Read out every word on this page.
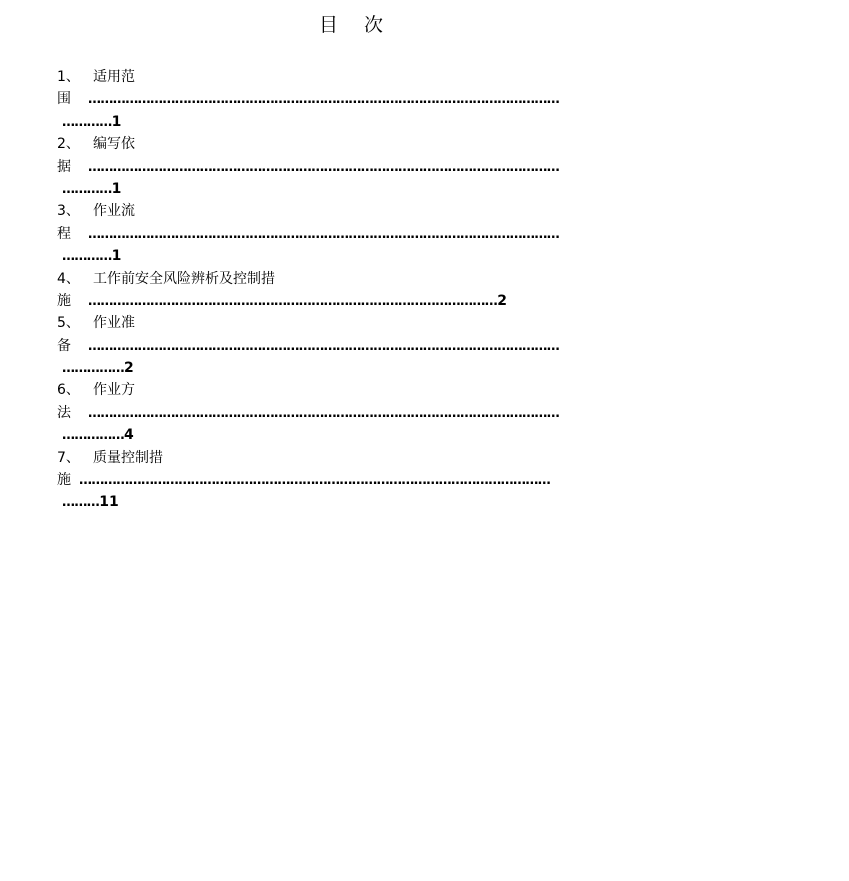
目 次
1、 适用范
围 ……………………………………………………………………………………………………
…………1
2、 编写依
据 ……………………………………………………………………………………………………
…………1
3、 作业流
程 ……………………………………………………………………………………………………
…………1
4、 工作前安全风险辨析及控制措
施 ………………………………………………………………………………………2
5、 作业准
备 ……………………………………………………………………………………………………
……………2
6、 作业方
法 ……………………………………………………………………………………………………
……………4
7、 质量控制措
施 ……………………………………………………………………………………………………
………11
